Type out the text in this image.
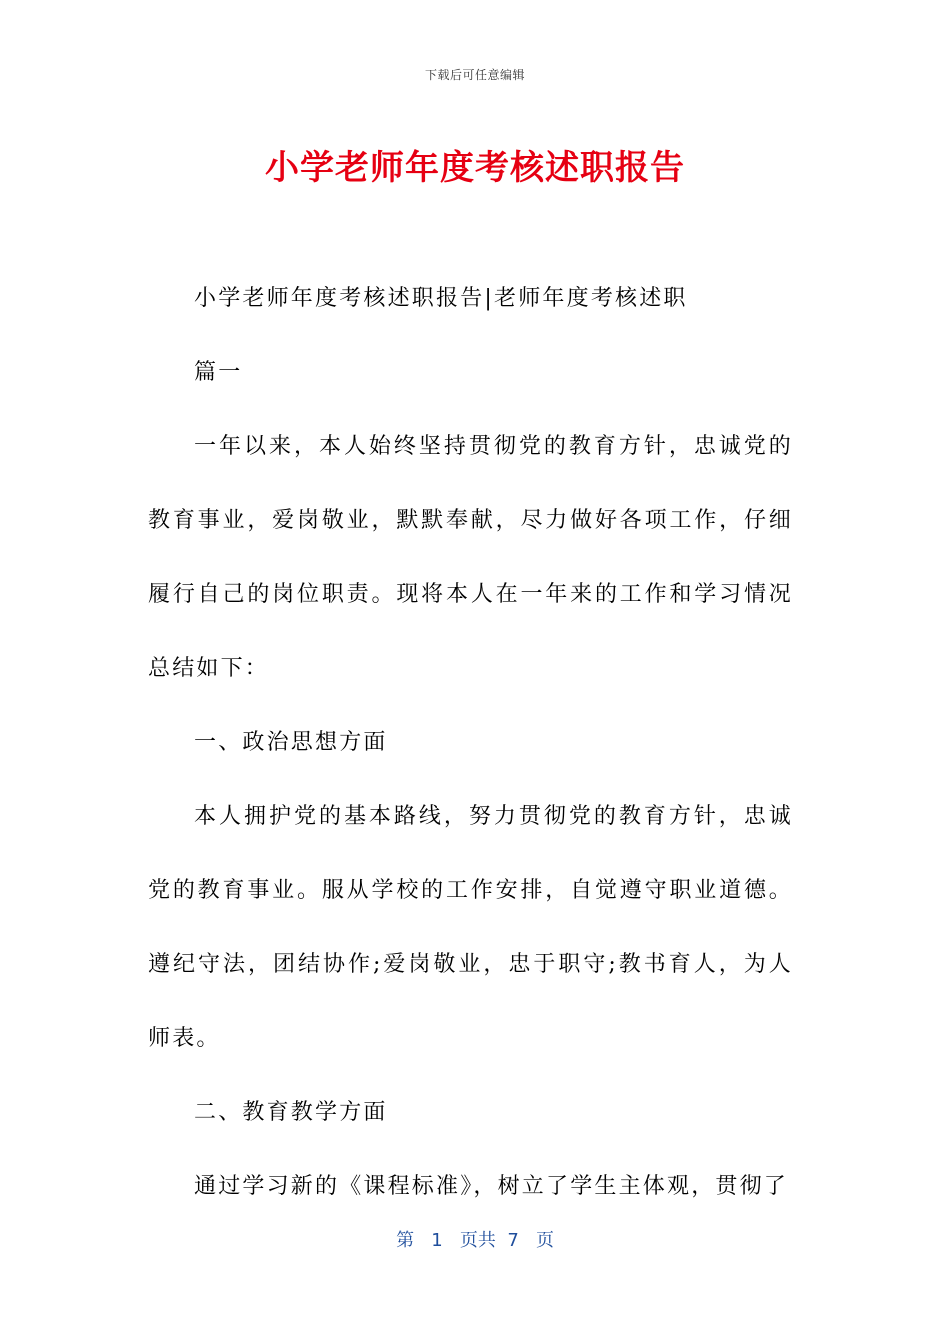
下载后可任意编辑
小学老师年度考核述职报告

小学老师年度考核述职报告|老师年度考核述职

篇一

一年以来，本人始终坚持贯彻党的教育方针，忠诚党的教育事业，爱岗敬业，默默奉献，尽力做好各项工作，仔细履行自己的岗位职责。现将本人在一年来的工作和学习情况总结如下：

一、政治思想方面

本人拥护党的基本路线，努力贯彻党的教育方针，忠诚党的教育事业。服从学校的工作安排，自觉遵守职业道德。遵纪守法，团结协作;爱岗敬业，忠于职守;教书育人，为人师表。

二、教育教学方面

通过学习新的《课程标准》，树立了学生主体观，贯彻了

第 1 页共 7 页
